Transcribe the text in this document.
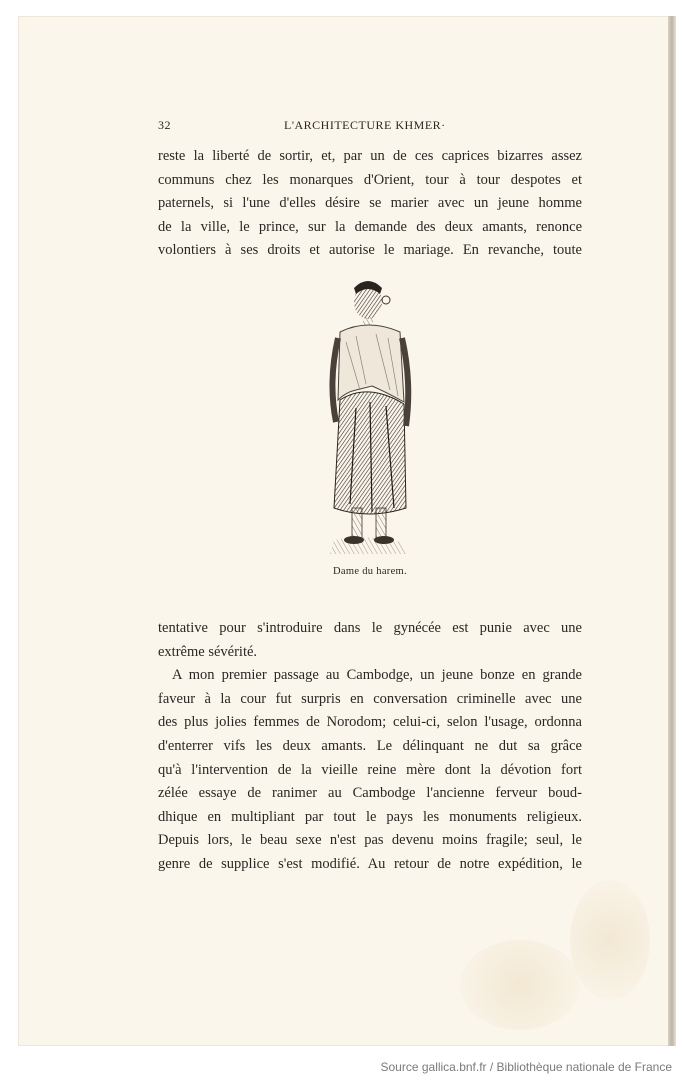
32	L'ARCHITECTURE KHMER·
reste la liberté de sortir, et, par un de ces caprices bizarres assez
communs chez les monarques d'Orient, tour à tour despotes et
paternels, si l'une d'elles désire se marier avec un jeune homme
de la ville, le prince, sur la demande des deux amants, renonce
volontiers à ses droits et autorise le mariage. En revanche, toute
Dame du harem.
tentative pour s'introduire dans le gynécée est punie avec une
extrême sévérité.
A mon premier passage au Cambodge, un jeune bonze en grande
faveur à la cour fut surpris en conversation criminelle avec une
des plus jolies femmes de Norodom; celui-ci, selon l'usage, ordonna
d'enterrer vifs les deux amants. Le délinquant ne dut sa grâce
qu'à l'intervention de la vieille reine mère dont la dévotion fort
zélée essaye de ranimer au Cambodge l'ancienne ferveur boud-
dhique en multipliant par tout le pays les monuments religieux.
Depuis lors, le beau sexe n'est pas devenu moins fragile; seul, le
genre de supplice s'est modifié. Au retour de notre expédition, le
Source gallica.bnf.fr / Bibliothèque nationale de France
